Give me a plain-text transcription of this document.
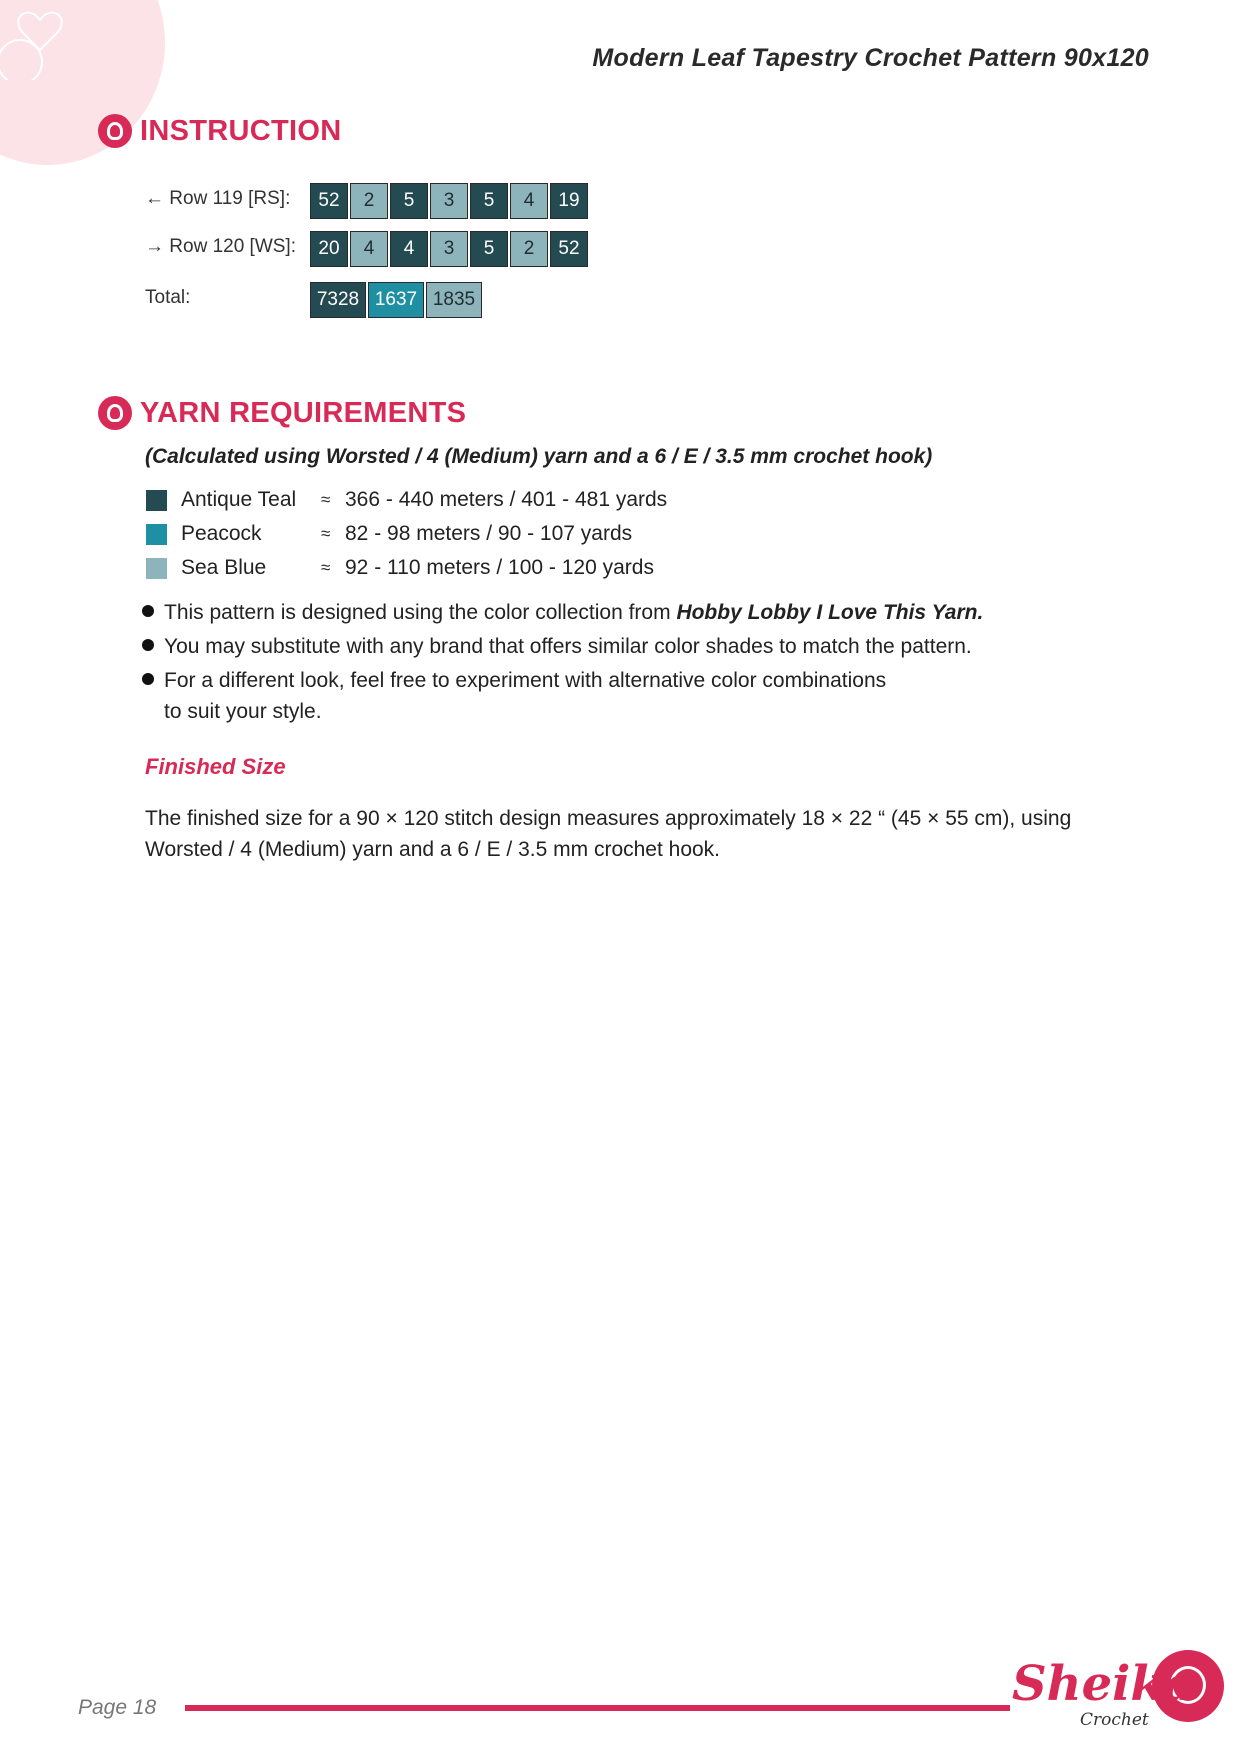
Modern Leaf Tapestry Crochet Pattern 90x120
INSTRUCTION
← Row 119 [RS]:	52	2	5	3	5	4	19
→ Row 120 [WS]:	20	4	4	3	5	2	52
Total:	7328 1637 1835
YARN REQUIREMENTS
(Calculated using Worsted / 4 (Medium) yarn and a 6 / E / 3.5 mm crochet hook)
Antique Teal	≈ 366 - 440 meters / 401 - 481 yards
Peacock	≈ 82 - 98 meters / 90 - 107 yards
Sea Blue	≈ 92 - 110 meters / 100 - 120 yards
This pattern is designed using the color collection from Hobby Lobby I Love This Yarn.
You may substitute with any brand that offers similar color shades to match the pattern.
For a different look, feel free to experiment with alternative color combinations
to suit your style.
Finished Size
The finished size for a 90 × 120 stitch design measures approximately 18 × 22 “ (45 × 55 cm), using Worsted / 4 (Medium) yarn and a 6 / E / 3.5 mm crochet hook.
Page 18	Sheika
Crochet
